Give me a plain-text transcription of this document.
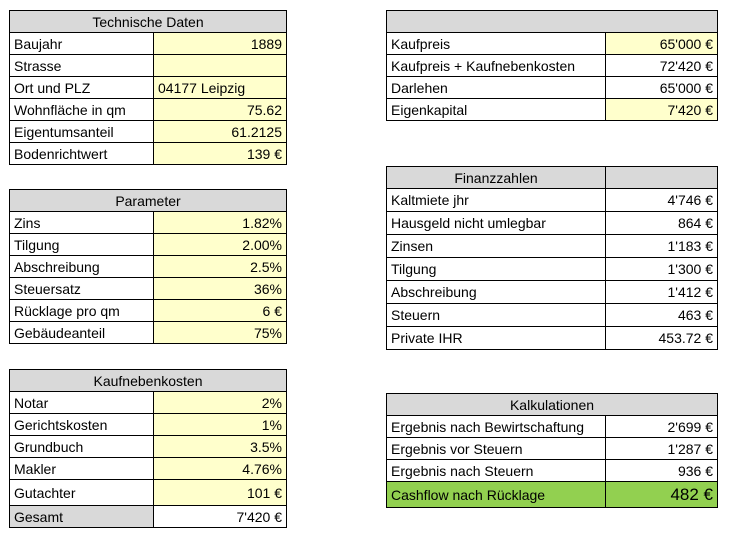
Technische Daten	
Baujahr	1889
Strasse	
Ort und PLZ	04177 Leipzig
Wohnfläche in qm	75.62
Eigentumsanteil	61.2125
Bodenrichtwert	139 €

Kaufpreis	65'000 €
Kaufpreis + Kaufnebenkosten	72'420 €
Darlehen	65'000 €
Eigenkapital	7'420 €
Parameter	
Zins	1.82%
Tilgung	2.00%
Abschreibung	2.5%
Steuersatz	36%
Rücklage pro qm	6 €
Gebäudeanteil	75%
Finanzzahlen	
Kaltmiete jhr	4'746 €
Hausgeld nicht umlegbar	864 €
Zinsen	1'183 €
Tilgung	1'300 €
Abschreibung	1'412 €
Steuern	463 €
Private IHR	453.72 €
Kaufnebenkosten	
Notar	2%
Gerichtskosten	1%
Grundbuch	3.5%
Makler	4.76%
Gutachter	101 €
Gesamt	7'420 €
Kalkulationen	
Ergebnis nach Bewirtschaftung	2'699 €
Ergebnis vor Steuern	1'287 €
Ergebnis nach Steuern	936 €
Cashflow nach Rücklage	482 €
